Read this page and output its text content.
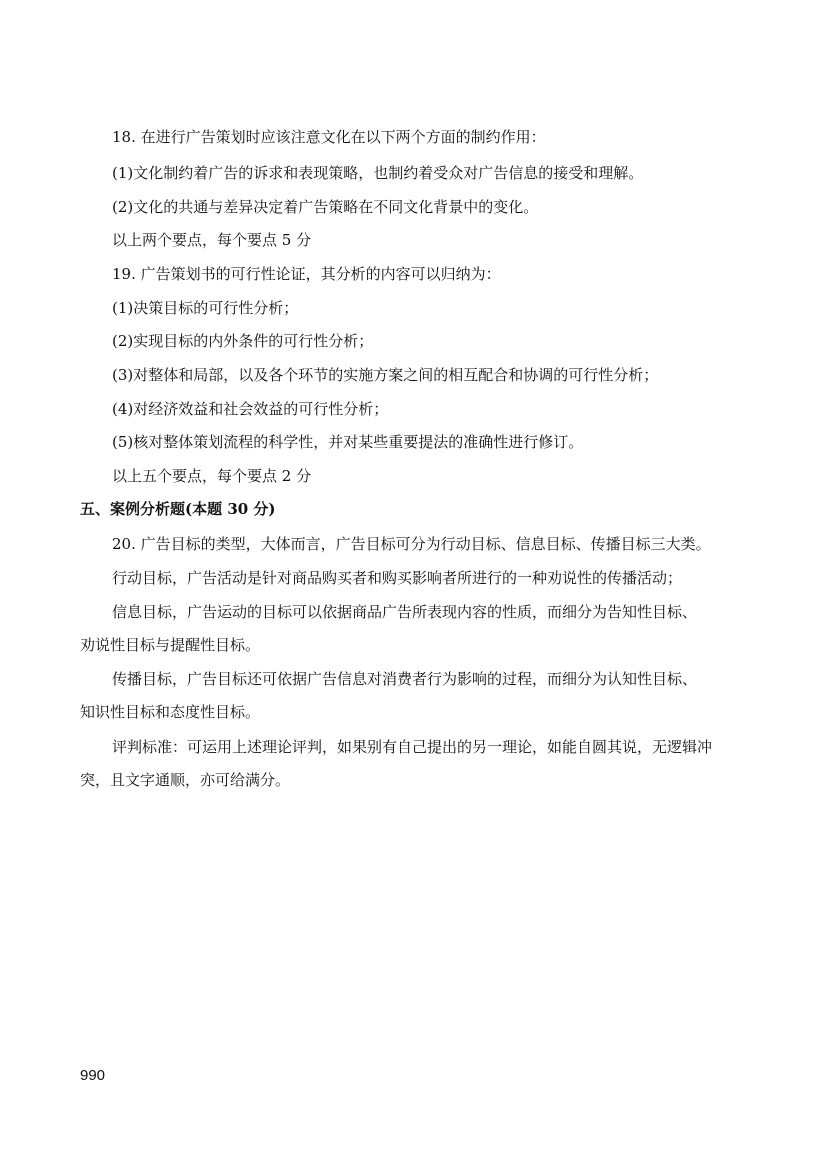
18. 在进行广告策划时应该注意文化在以下两个方面的制约作用：
(1)文化制约着广告的诉求和表现策略，也制约着受众对广告信息的接受和理解。
(2)文化的共通与差异决定着广告策略在不同文化背景中的变化。
以上两个要点，每个要点 5 分
19. 广告策划书的可行性论证，其分析的内容可以归纳为：
(1)决策目标的可行性分析；
(2)实现目标的内外条件的可行性分析；
(3)对整体和局部，以及各个环节的实施方案之间的相互配合和协调的可行性分析；
(4)对经济效益和社会效益的可行性分析；
(5)核对整体策划流程的科学性，并对某些重要提法的准确性进行修订。
以上五个要点，每个要点 2 分
五、案例分析题(本题 30 分)
20. 广告目标的类型，大体而言，广告目标可分为行动目标、信息目标、传播目标三大类。
行动目标，广告活动是针对商品购买者和购买影响者所进行的一种劝说性的传播活动；
信息目标，广告运动的目标可以依据商品广告所表现内容的性质，而细分为告知性目标、
劝说性目标与提醒性目标。
传播目标，广告目标还可依据广告信息对消费者行为影响的过程，而细分为认知性目标、
知识性目标和态度性目标。
评判标准：可运用上述理论评判，如果别有自己提出的另一理论，如能自圆其说，无逻辑冲
突，且文字通顺，亦可给满分。
990
